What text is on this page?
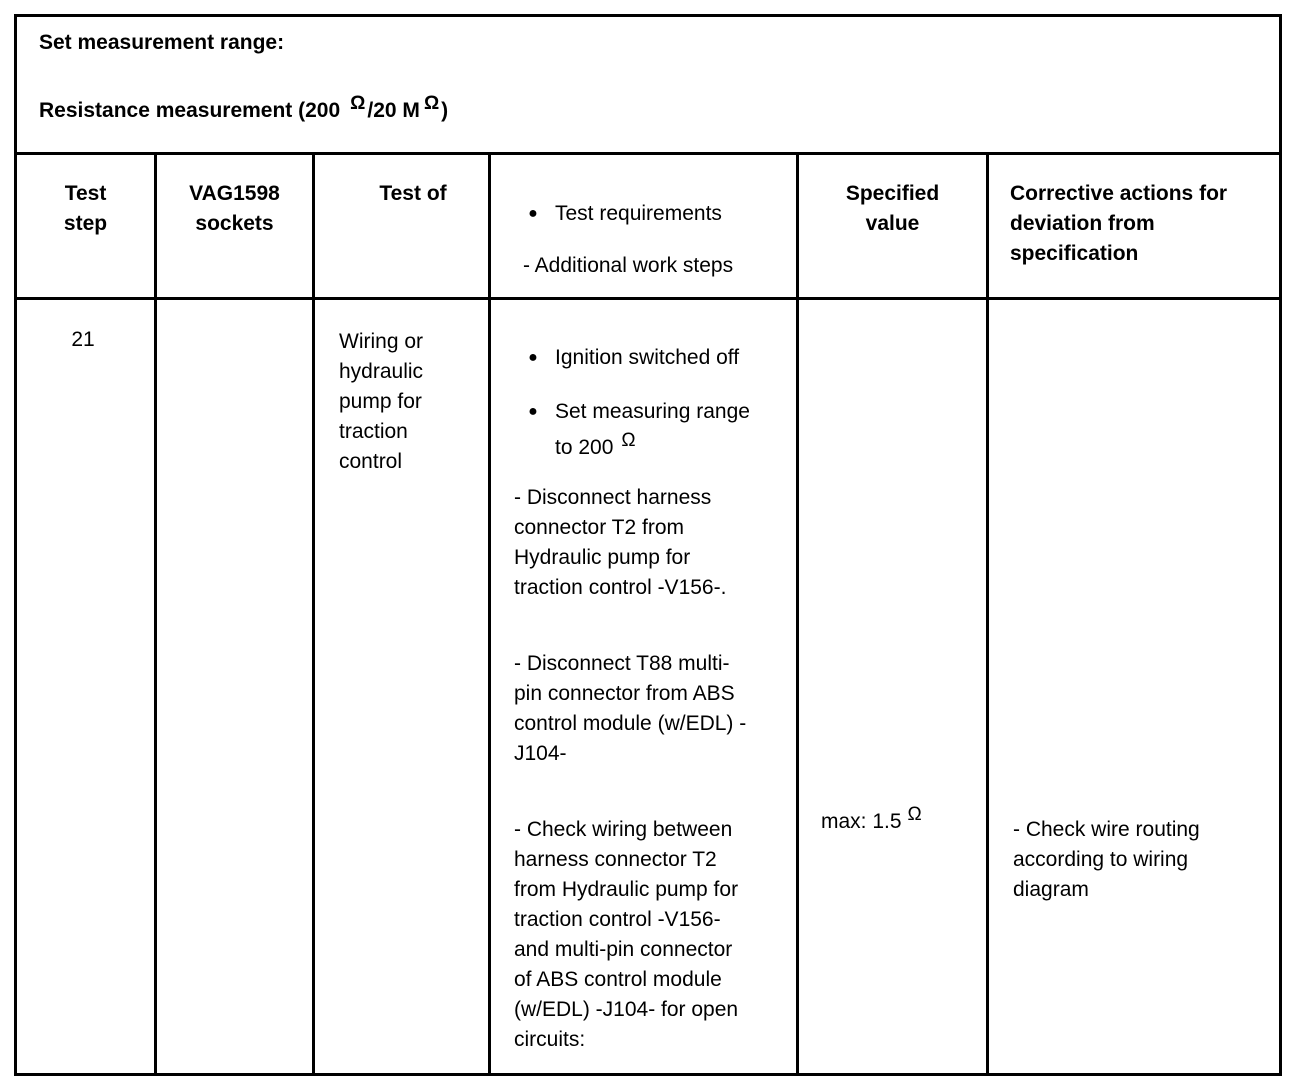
Set measurement range:
Resistance measurement (200 Ω/20 M Ω)
Test
step
VAG1598
sockets
Test of
● Test requirements
- Additional work steps
Specified
value
Corrective actions for
deviation from
specification
21	Wiring or
hydraulic
pump for
traction
control
● Ignition switched off
● Set measuring range
to 200 Ω
- Disconnect harness
connector T2 from
Hydraulic pump for
traction control -V156-.
- Disconnect T88 multi-
pin connector from ABS
control module (w/EDL) -
J104-
- Check wiring between
harness connector T2
from Hydraulic pump for
traction control -V156-
and multi-pin connector
of ABS control module
(w/EDL) -J104- for open
circuits:
max: 1.5 Ω
- Check wire routing
according to wiring
diagram
